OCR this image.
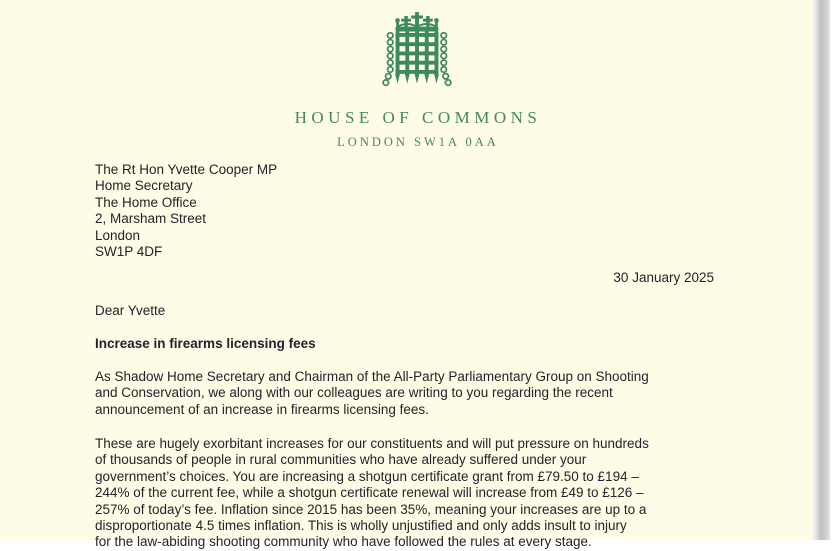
HOUSE OF COMMONS
LONDON SW1A 0AA
The Rt Hon Yvette Cooper MP
Home Secretary
The Home Office
2, Marsham Street
London
SW1P 4DF
30 January 2025
Dear Yvette
Increase in firearms licensing fees
As Shadow Home Secretary and Chairman of the All-Party Parliamentary Group on Shooting
and Conservation, we along with our colleagues are writing to you regarding the recent
announcement of an increase in firearms licensing fees.
These are hugely exorbitant increases for our constituents and will put pressure on hundreds
of thousands of people in rural communities who have already suffered under your
government’s choices. You are increasing a shotgun certificate grant from £79.50 to £194 –
244% of the current fee, while a shotgun certificate renewal will increase from £49 to £126 –
257% of today’s fee. Inflation since 2015 has been 35%, meaning your increases are up to a
disproportionate 4.5 times inflation. This is wholly unjustified and only adds insult to injury
for the law-abiding shooting community who have followed the rules at every stage.
